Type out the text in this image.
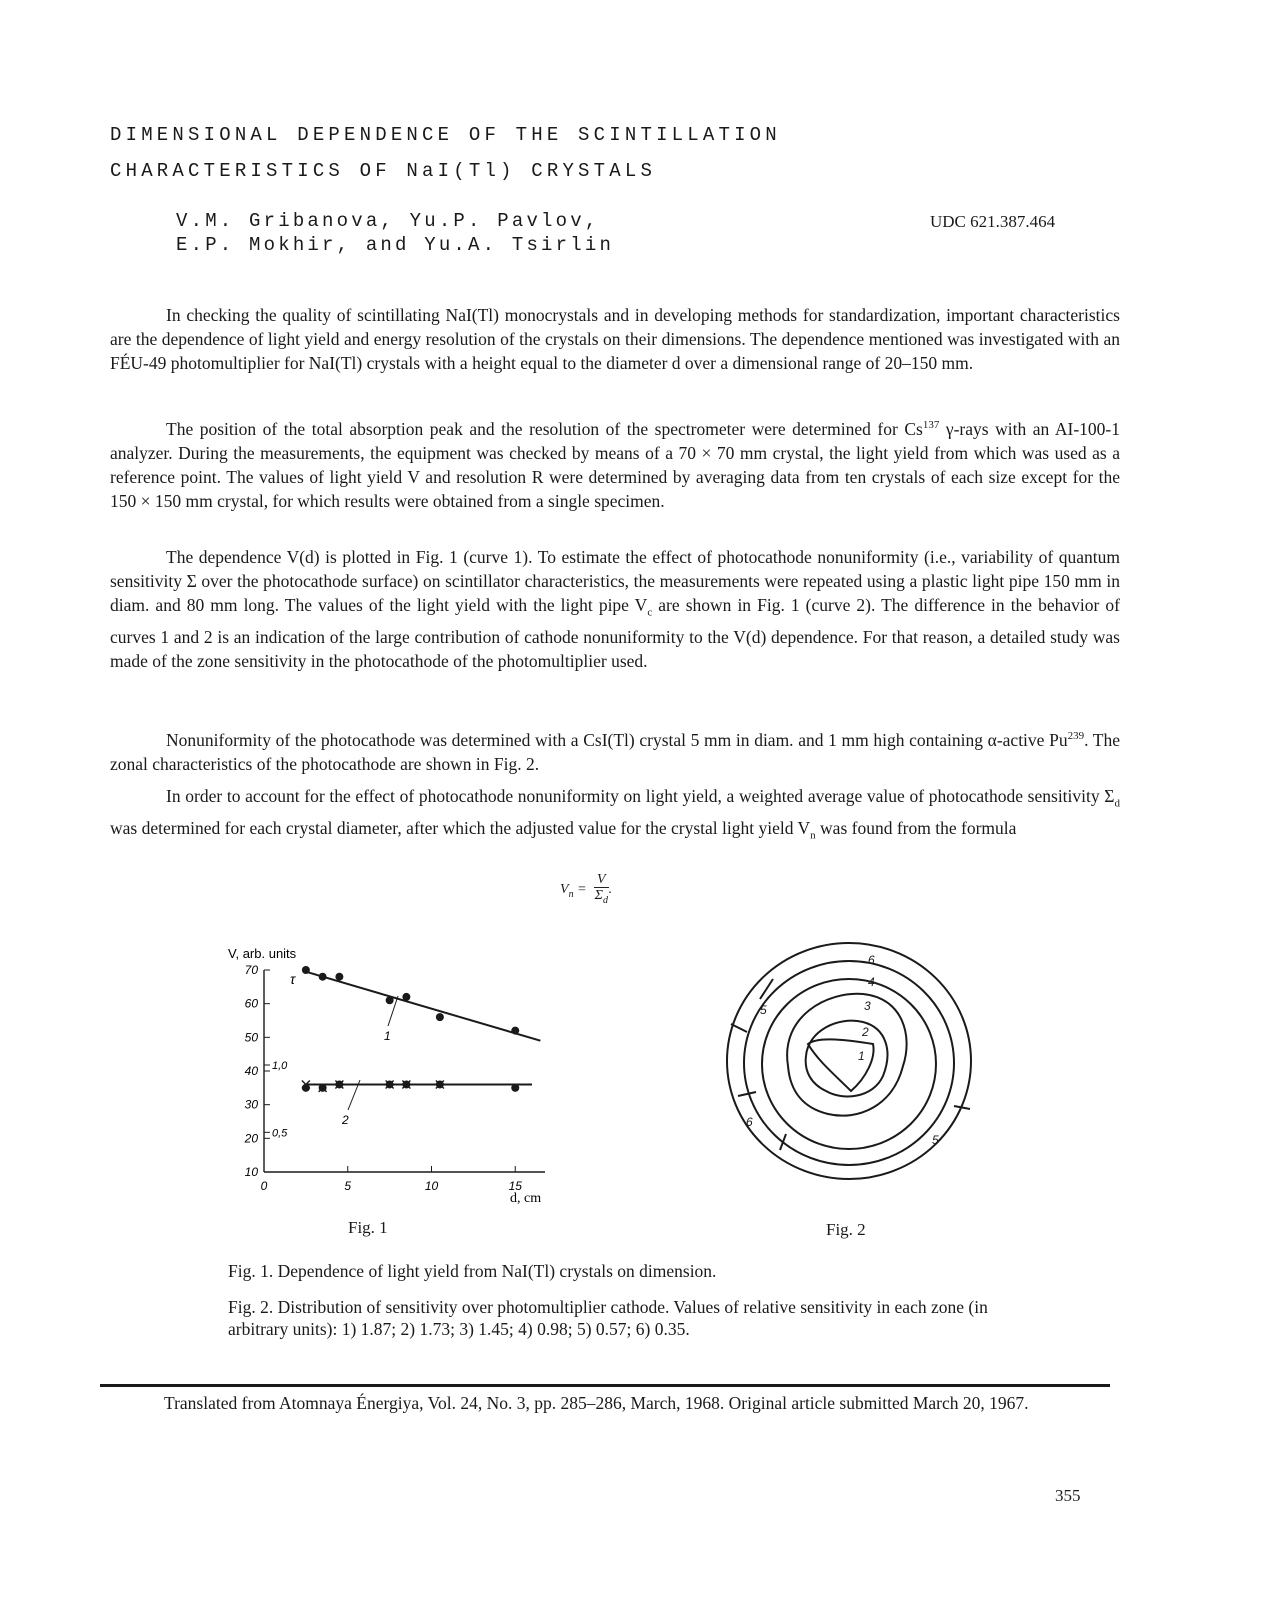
DIMENSIONAL DEPENDENCE OF THE SCINTILLATION
CHARACTERISTICS OF NaI(Tl) CRYSTALS
V.M. Gribanova, Yu.P. Pavlov,
E.P. Mokhir, and Yu.A. Tsirlin
UDC 621.387.464

In checking the quality of scintillating NaI(Tl) monocrystals and in developing methods for standardization, important characteristics are the dependence of light yield and energy resolution of the crystals on their dimensions. The dependence mentioned was investigated with an FÉU-49 photomultiplier for NaI(Tl) crystals with a height equal to the diameter d over a dimensional range of 20–150 mm.

The position of the total absorption peak and the resolution of the spectrometer were determined for Cs$^{137}$ γ-rays with an AI-100-1 analyzer. During the measurements, the equipment was checked by means of a 70 × 70 mm crystal, the light yield from which was used as a reference point. The values of light yield V and resolution R were determined by averaging data from ten crystals of each size except for the 150 × 150 mm crystal, for which results were obtained from a single specimen.

The dependence V(d) is plotted in Fig. 1 (curve 1). To estimate the effect of photocathode nonuniformity (i.e., variability of quantum sensitivity Σ over the photocathode surface) on scintillator characteristics, the measurements were repeated using a plastic light pipe 150 mm in diam. and 80 mm long. The values of the light yield with the light pipe $V_c$ are shown in Fig. 1 (curve 2). The difference in the behavior of curves 1 and 2 is an indication of the large contribution of cathode nonuniformity to the V(d) dependence. For that reason, a detailed study was made of the zone sensitivity in the photocathode of the photomultiplier used.

Nonuniformity of the photocathode was determined with a CsI(Tl) crystal 5 mm in diam. and 1 mm high containing α-active Pu$^{239}$. The zonal characteristics of the photocathode are shown in Fig. 2.

In order to account for the effect of photocathode nonuniformity on light yield, a weighted average value of photocathode sensitivity $\Sigma_d$ was determined for each crystal diameter, after which the adjusted value for the crystal light yield $V_n$ was found from the formula

$V_n = \frac{V}{\Sigma_d}$ .
V, arb. units
70
60
50
40
30
20
10
0	5	10	15
1,0
0,5
1
2
τ
d, cm
Fig. 1
6
4
3
2
1
5
6
5
Fig. 2

Fig. 1. Dependence of light yield from NaI(Tl) crystals on dimension.

Fig. 2. Distribution of sensitivity over photomultiplier cathode. Values of relative sensitivity in each zone (in arbitrary units): 1) 1.87; 2) 1.73; 3) 1.45; 4) 0.98; 5) 0.57; 6) 0.35.

Translated from Atomnaya Énergiya, Vol. 24, No. 3, pp. 285–286, March, 1968. Original article submitted March 20, 1967.

355
